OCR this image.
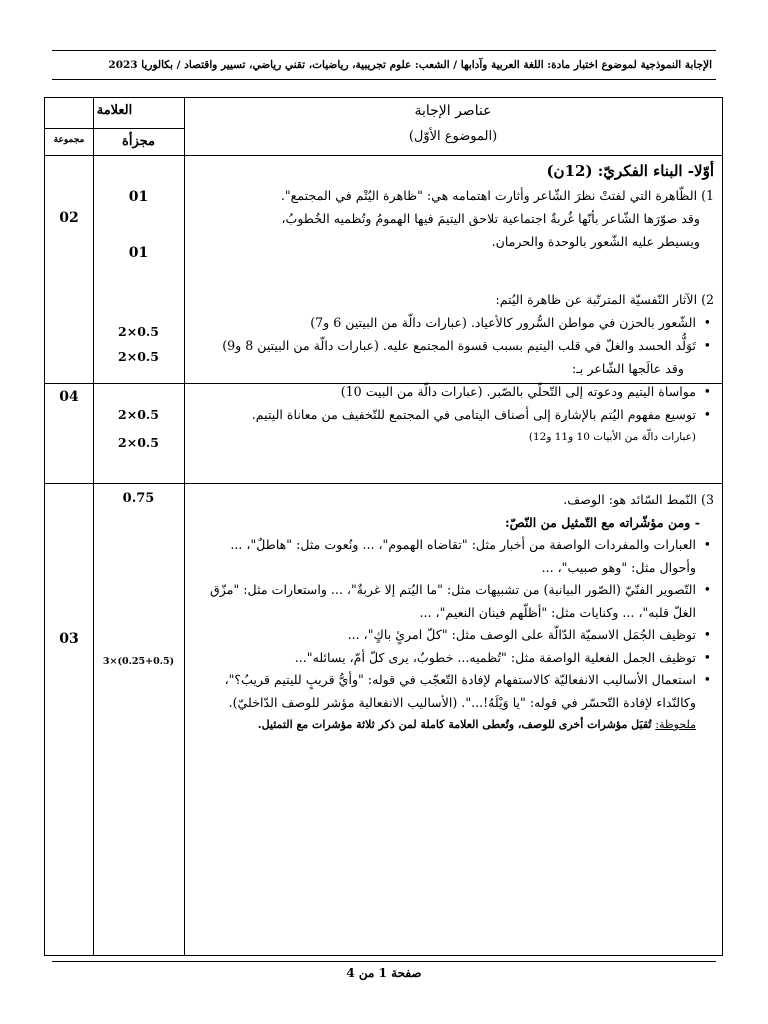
الإجابة النموذجية لموضوع اختبار مادة: اللغة العربية وآدابها / الشعب: علوم تجريبية، رياضيات، تقني رياضي، تسيير واقتصاد / بكالوريا 2023
العلامة
مجموعة	مجزأة
عناصر الإجابة
(الموضوع الأوّل)
02
01
01

أوّلا- البناء الفكريّ: (12ن)

1) الظّاهرة التي لفتتْ نظرَ الشّاعر وأثارت اهتمامه هي: "ظاهرة اليُتْم في المجتمع".

وقد صوّرَها الشّاعر بأنّها غُربةٌ اجتماعية تلاحق اليتيمَ فيها الهمومُ وتُظميه الخُطوبُ،

ويسيطر عليه الشّعور بالوحدة والحرمان.

04
2×0.5
2×0.5
2×0.5
2×0.5

2) الآثار النّفسيّة المترتّبة عن ظاهرة اليُتم:

• الشّعور بالحزن في مواطن السُّرور كالأعياد. (عبارات دالّة من البيتين 6 و7)

• تَوَلُّد الحسد والغلّ في قلب اليتيم بسبب قسوة المجتمع عليه. (عبارات دالّة من البيتين 8 و9)

وقد عالَجها الشّاعر بـ:

• مواساة اليتيم ودعوته إلى التّحلّي بالصّبر. (عبارات دالّة من البيت 10)

• توسيع مفهوم اليُتم بالإشارة إلى أصناف اليتامى في المجتمع للتّخفيف من معاناة اليتيم.

(عبارات دالّة من الأبيات 10 و11 و12)

03
0.75
3×(0.25+0.5)

3) النّمط السّائد هو: الوصف.

- ومن مؤشّراته مع التّمثيل من النّصّ:

• العبارات والمفردات الواصفة من أخبار مثل: "تقاضاه الهموم"، ... ونُعوت مثل: "هاطلٌ"، ... وأحوال مثل: "وهو صبيب"، ...

• التّصوير الفنّيّ (الصّور البيانية) من تشبيهات مثل: "ما اليُتم إلا غربةٌ"، ... واستعارات مثل: "مزّق الغلّ قلبه"، ... وكنايات مثل: "أظلّهم فينان النعيم"، ...

• توظيف الجُمَل الاسميّة الدّالّة على الوصف مثل: "كلّ امرئٍ باكٍ"، ...

• توظيف الجمل الفعلية الواصفة مثل: "تُظميه... خطوبٌ، يرى كلّ أمّ، يسائله"...

• استعمال الأساليب الانفعاليّة كالاستفهام لإفادة التّعجّب في قوله: "وأيُّ قريبٍ لليتيم قريبُ؟"، وكالنّداء لإفادة التّحسّر في قوله: "يا وَيْلَهُ!...". (الأساليب الانفعالية مؤشر للوصف الدّاخليّ).

ملحوظة: تُقبَل مؤشرات أخرى للوصف، وتُعطى العلامة كاملة لمن ذكر ثلاثة مؤشرات مع التمثيل.

صفحة 1 من 4
